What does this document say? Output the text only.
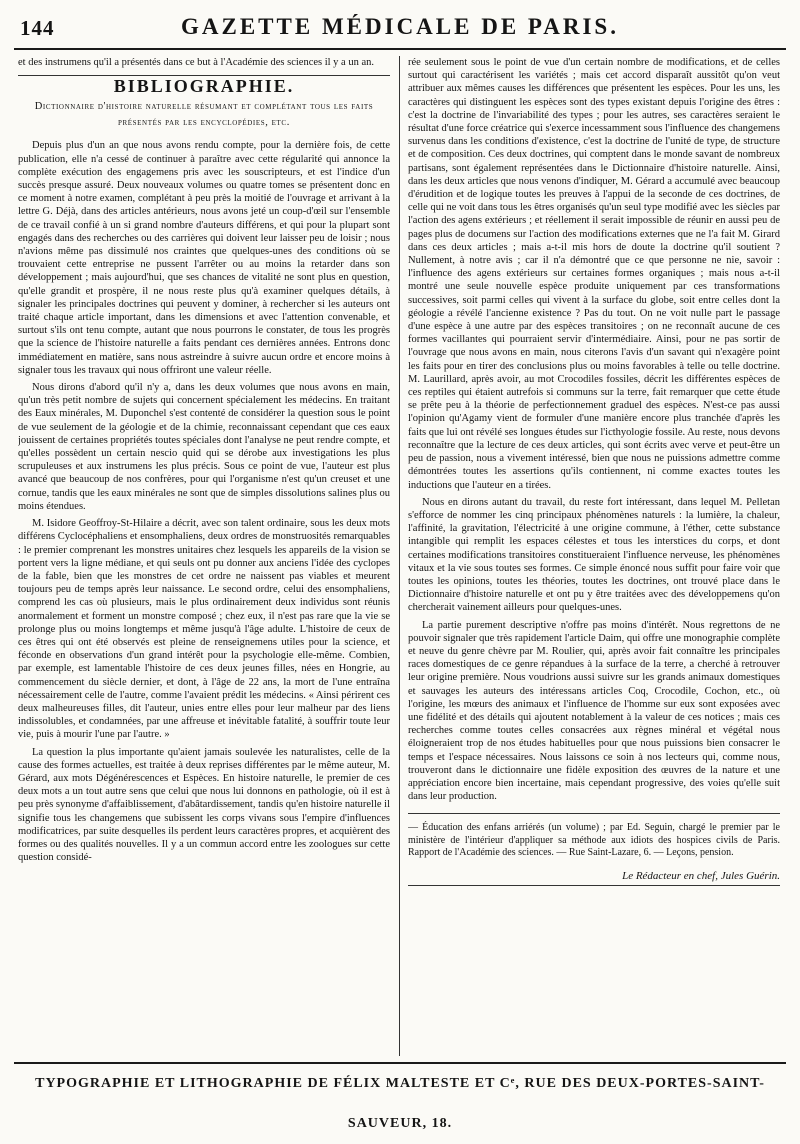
144	GAZETTE MÉDICALE DE PARIS.

et des instrumens qu'il a présentés dans ce but à l'Académie des sciences il y a un an.

BIBLIOGRAPHIE.
Dictionnaire d'histoire naturelle résumant et complétant tous les faits présentés par les encyclopédies, etc.

Depuis plus d'un an que nous avons rendu compte, pour la dernière fois, de cette publication, elle n'a cessé de continuer à paraître avec cette régularité qui annonce la complète exécution des engagemens pris avec les souscripteurs, et est l'indice d'un succès presque assuré. Deux nouveaux volumes ou quatre tomes se présentent donc en ce moment à notre examen, complétant à peu près la moitié de l'ouvrage et arrivant à la lettre G. Déjà, dans des articles antérieurs, nous avons jeté un coup-d'œil sur l'ensemble de ce travail confié à un si grand nombre d'auteurs différens, et qui pour la plupart sont engagés dans des recherches ou des carrières qui doivent leur laisser peu de loisir ; nous n'avions même pas dissimulé nos craintes que quelques-unes des conditions où se trouvaient cette entreprise ne pussent l'arrêter ou au moins la retarder dans son développement ; mais aujourd'hui, que ses chances de vitalité ne sont plus en question, qu'elle grandit et prospère, il ne nous reste plus qu'à examiner quelques détails, à signaler les principales doctrines qui peuvent y dominer, à rechercher si les auteurs ont traité chaque article important, dans les dimensions et avec l'attention convenable, et surtout s'ils ont tenu compte, autant que nous pourrons le constater, de tous les progrès que la science de l'histoire naturelle a faits pendant ces dernières années. Entrons donc immédiatement en matière, sans nous astreindre à suivre aucun ordre et encore moins à signaler tous les travaux qui nous offriront une valeur réelle.

Nous dirons d'abord qu'il n'y a, dans les deux volumes que nous avons en main, qu'un très petit nombre de sujets qui concernent spécialement les médecins. En traitant des Eaux minérales, M. Duponchel s'est contenté de considérer la question sous le point de vue seulement de la géologie et de la chimie, reconnaissant cependant que ces eaux jouissent de certaines propriétés toutes spéciales dont l'analyse ne peut rendre compte, et qu'elles possèdent un certain nescio quid qui se dérobe aux investigations les plus scrupuleuses et aux instrumens les plus précis. Sous ce point de vue, l'auteur est plus avancé que beaucoup de nos confrères, pour qui l'organisme n'est qu'un creuset et une cornue, tandis que les eaux minérales ne sont que de simples dissolutions salines plus ou moins étendues.

M. Isidore Geoffroy-St-Hilaire a décrit, avec son talent ordinaire, sous les deux mots différens Cyclocéphaliens et ensomphaliens, deux ordres de monstruosités remarquables : le premier comprenant les monstres unitaires chez lesquels les appareils de la vision se portent vers la ligne médiane, et qui seuls ont pu donner aux anciens l'idée des cyclopes de la fable, bien que les monstres de cet ordre ne naissent pas viables et meurent toujours peu de temps après leur naissance. Le second ordre, celui des ensomphaliens, comprend les cas où plusieurs, mais le plus ordinairement deux individus sont réunis anormalement et forment un monstre composé ; chez eux, il n'est pas rare que la vie se prolonge plus ou moins longtemps et même jusqu'à l'âge adulte. L'histoire de ceux de ces êtres qui ont été observés est pleine de renseignemens utiles pour la science, et féconde en observations d'un grand intérêt pour la psychologie elle-même. Combien, par exemple, est lamentable l'histoire de ces deux jeunes filles, nées en Hongrie, au commencement du siècle dernier, et dont, à l'âge de 22 ans, la mort de l'une entraîna nécessairement celle de l'autre, comme l'avaient prédit les médecins. « Ainsi périrent ces deux malheureuses filles, dit l'auteur, unies entre elles pour leur malheur par des liens indissolubles, et condamnées, par une affreuse et inévitable fatalité, à souffrir toute leur vie, puis à mourir l'une par l'autre. »

La question la plus importante qu'aient jamais soulevée les naturalistes, celle de la cause des formes actuelles, est traitée à deux reprises différentes par le même auteur, M. Gérard, aux mots Dégénérescences et Espèces. En histoire naturelle, le premier de ces deux mots a un tout autre sens que celui que nous lui donnons en pathologie, où il est à peu près synonyme d'affaiblissement, d'abâtardissement, tandis qu'en histoire naturelle il signifie tous les changemens que subissent les corps vivans sous l'empire d'influences modificatrices, par suite desquelles ils perdent leurs caractères propres, et acquièrent des formes ou des qualités nouvelles. Il y a un commun accord entre les zoologues sur cette question considé-

rée seulement sous le point de vue d'un certain nombre de modifications, et de celles surtout qui caractérisent les variétés ; mais cet accord disparaît aussitôt qu'on veut attribuer aux mêmes causes les différences que présentent les espèces. Pour les uns, les caractères qui distinguent les espèces sont des types existant depuis l'origine des êtres : c'est la doctrine de l'invariabilité des types ; pour les autres, ses caractères seraient le résultat d'une force créatrice qui s'exerce incessamment sous l'influence des changemens survenus dans les conditions d'existence, c'est la doctrine de l'unité de type, de structure et de composition. Ces deux doctrines, qui comptent dans le monde savant de nombreux partisans, sont également représentées dans le Dictionnaire d'histoire naturelle. Ainsi, dans les deux articles que nous venons d'indiquer, M. Gérard a accumulé avec beaucoup d'érudition et de logique toutes les preuves à l'appui de la seconde de ces doctrines, de celle qui ne voit dans tous les êtres organisés qu'un seul type modifié avec les siècles par l'action des agens extérieurs ; et réellement il serait impossible de réunir en aussi peu de pages plus de documens sur l'action des modifications externes que ne l'a fait M. Girard dans ces deux articles ; mais a-t-il mis hors de doute la doctrine qu'il soutient ? Nullement, à notre avis ; car il n'a démontré que ce que personne ne nie, savoir : l'influence des agens extérieurs sur certaines formes organiques ; mais nous a-t-il montré une seule nouvelle espèce produite uniquement par ces transformations successives, soit parmi celles qui vivent à la surface du globe, soit entre celles dont la géologie a révélé l'ancienne existence ? Pas du tout. On ne voit nulle part le passage d'une espèce à une autre par des espèces transitoires ; on ne reconnaît aucune de ces formes vacillantes qui pourraient servir d'intermédiaire. Ainsi, pour ne pas sortir de l'ouvrage que nous avons en main, nous citerons l'avis d'un savant qui n'exagère point les faits pour en tirer des conclusions plus ou moins favorables à telle ou telle doctrine. M. Laurillard, après avoir, au mot Crocodiles fossiles, décrit les différentes espèces de ces reptiles qui étaient autrefois si communs sur la terre, fait remarquer que cette étude se prête peu à la théorie de perfectionnement graduel des espèces. N'est-ce pas aussi l'opinion qu'Agamy vient de formuler d'une manière encore plus tranchée d'après les faits que lui ont révélé ses longues études sur l'icthyologie fossile. Au reste, nous devons reconnaître que la lecture de ces deux articles, qui sont écrits avec verve et peut-être un peu de passion, nous a vivement intéressé, bien que nous ne puissions admettre comme démontrées toutes les assertions qu'ils contiennent, ni comme exactes toutes les inductions que l'auteur en a tirées.

Nous en dirons autant du travail, du reste fort intéressant, dans lequel M. Pelletan s'efforce de nommer les cinq principaux phénomènes naturels : la lumière, la chaleur, l'affinité, la gravitation, l'électricité à une origine commune, à l'éther, cette substance intangible qui remplit les espaces célestes et tous les interstices du corps, et dont certaines modifications transitoires constitueraient l'influence nerveuse, les phénomènes vitaux et la vie sous toutes ses formes. Ce simple énoncé nous suffit pour faire voir que toutes les opinions, toutes les théories, toutes les doctrines, ont trouvé place dans le Dictionnaire d'histoire naturelle et ont pu y être traitées avec des développemens qu'on chercherait vainement ailleurs pour quelques-unes.

La partie purement descriptive n'offre pas moins d'intérêt. Nous regrettons de ne pouvoir signaler que très rapidement l'article Daim, qui offre une monographie complète et neuve du genre chèvre par M. Roulier, qui, après avoir fait connaître les principales races domestiques de ce genre répandues à la surface de la terre, a cherché à retrouver leur origine première. Nous voudrions aussi suivre sur les grands animaux domestiques et sauvages les auteurs des intéressans articles Coq, Crocodile, Cochon, etc., où l'origine, les mœurs des animaux et l'influence de l'homme sur eux sont exposées avec une fidélité et des détails qui ajoutent notablement à la valeur de ces notices ; mais ces recherches comme toutes celles consacrées aux règnes minéral et végétal nous éloigneraient trop de nos études habituelles pour que nous puissions bien consacrer le temps et l'espace nécessaires. Nous laissons ce soin à nos lecteurs qui, comme nous, trouveront dans le dictionnaire une fidèle exposition des œuvres de la nature et une appréciation encore bien incertaine, mais cependant progressive, des voies qu'elle suit dans leur production.

— Éducation des enfans arriérés (un volume) ; par Ed. Seguin, chargé le premier par le ministère de l'intérieur d'appliquer sa méthode aux idiots des hospices civils de Paris. Rapport de l'Académie des sciences. — Rue Saint-Lazare, 6. — Leçons, pension.
Le Rédacteur en chef, Jules Guérin.
TYPOGRAPHIE ET LITHOGRAPHIE DE FÉLIX MALTESTE ET Cᵉ, RUE DES DEUX-PORTES-SAINT-SAUVEUR, 18.
